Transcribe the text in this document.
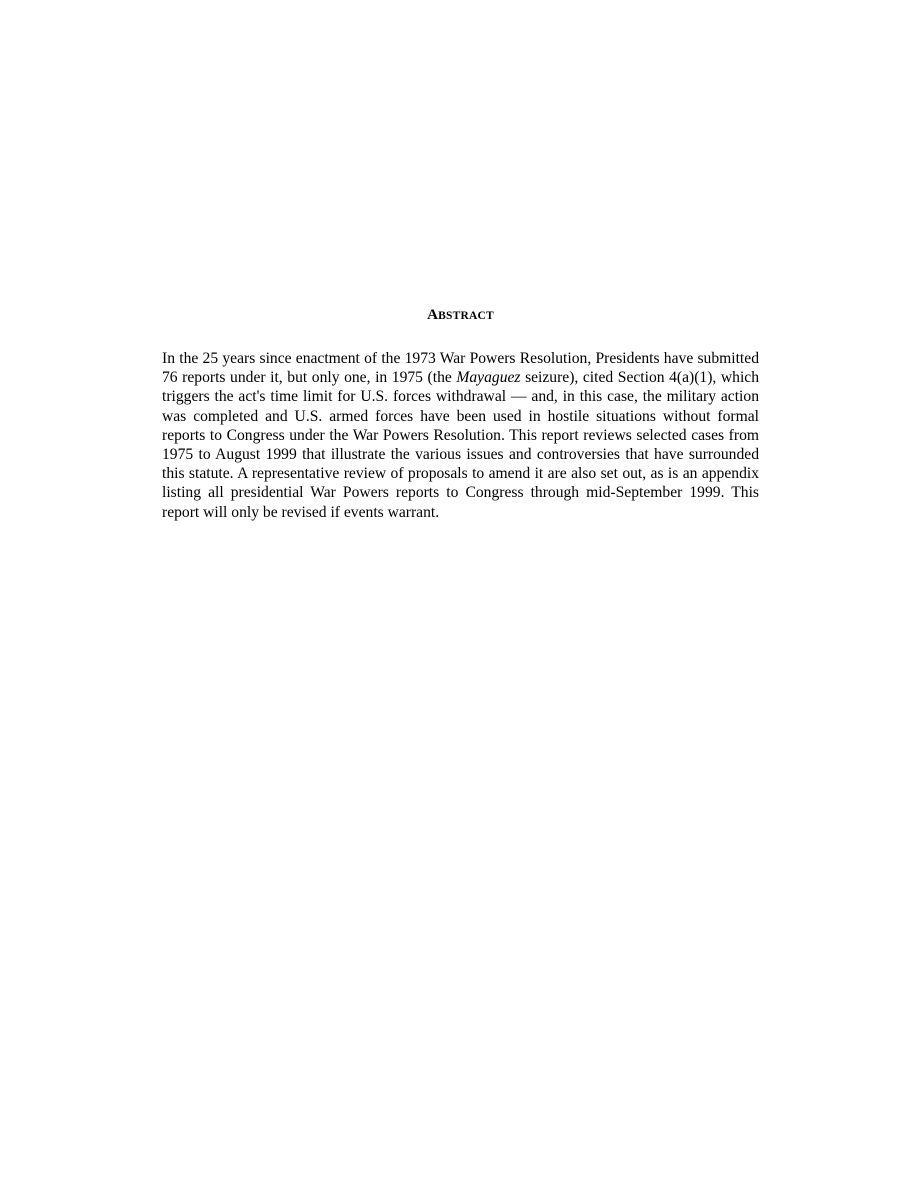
ABSTRACT

In the 25 years since enactment of the 1973 War Powers Resolution, Presidents have submitted 76 reports under it, but only one, in 1975 (the Mayaguez seizure), cited Section 4(a)(1), which triggers the act's time limit for U.S. forces withdrawal — and, in this case, the military action was completed and U.S. armed forces have been used in hostile situations without formal reports to Congress under the War Powers Resolution. This report reviews selected cases from 1975 to August 1999 that illustrate the various issues and controversies that have surrounded this statute. A representative review of proposals to amend it are also set out, as is an appendix listing all presidential War Powers reports to Congress through mid-September 1999. This report will only be revised if events warrant.
